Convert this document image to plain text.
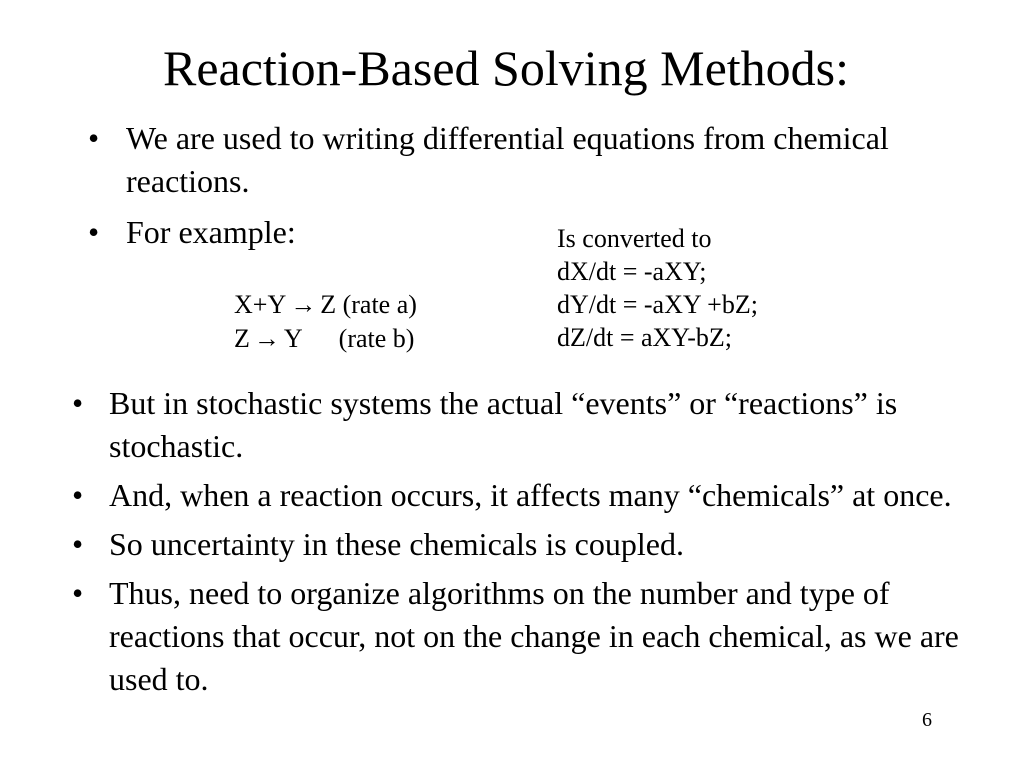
Reaction-Based Solving Methods:
• We are used to writing differential equations from chemical reactions.
• For example:
X+Y → Z (rate a)
Z → Y (rate b)
Is converted to
dX/dt = -aXY;
dY/dt = -aXY +bZ;
dZ/dt = aXY-bZ;
• But in stochastic systems the actual “events” or “reactions” is stochastic.
• And, when a reaction occurs, it affects many “chemicals” at once.
• So uncertainty in these chemicals is coupled.
• Thus, need to organize algorithms on the number and type of reactions that occur, not on the change in each chemical, as we are used to.
6
